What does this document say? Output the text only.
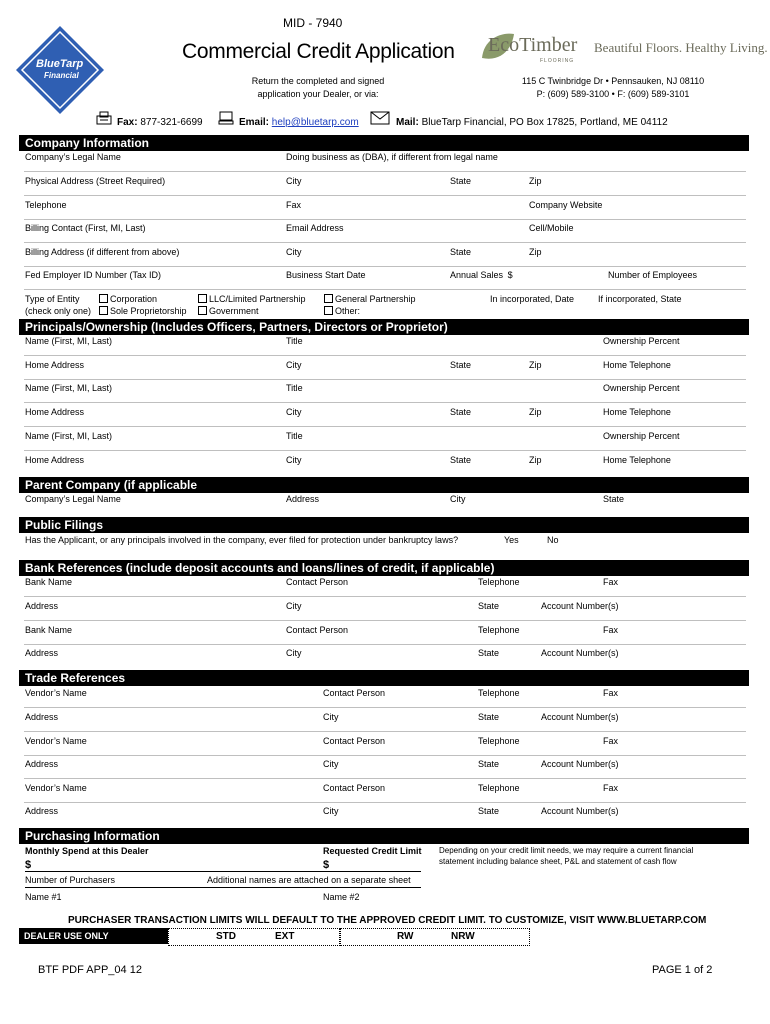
BlueTarp
Financial
MID - 7940
Commercial Credit Application
Return the completed and signed
application your Dealer, or via:
EcoTimber
FLOORING
Beautiful Floors. Healthy Living.
115 C Twinbridge Dr • Pennsauken, NJ 08110
P: (609) 589-3100 • F: (609) 589-3101
Fax: 877-321-6699	Email: help@bluetarp.com	Mail: BlueTarp Financial, PO Box 17825, Portland, ME 04112
Company Information
Company’s Legal Name	Doing business as (DBA), if different from legal name
Physical Address (Street Required)	City	State	Zip
Telephone	Fax	Company Website
Billing Contact (First, MI, Last)	Email Address	Cell/Mobile
Billing Address (if different from above)	City	State	Zip
Fed Employer ID Number (Tax ID)	Business Start Date	Annual Sales $	Number of Employees
Type of Entity
(check only one)
Corporation
Sole Proprietorship
LLC/Limited Partnership
Government
General Partnership
Other:
In incorporated, Date	If incorporated, State
Principals/Ownership (Includes Officers, Partners, Directors or Proprietor)
Name (First, MI, Last)	Title	Ownership Percent
Home Address	City	State	Zip	Home Telephone
Name (First, MI, Last)	Title	Ownership Percent
Home Address	City	State	Zip	Home Telephone
Name (First, MI, Last)	Title	Ownership Percent
Home Address	City	State	Zip	Home Telephone
Parent Company (if applicable
Company’s Legal Name	Address	City	State
Public Filings
Has the Applicant, or any principals involved in the company, ever filed for protection under bankruptcy laws?	Yes	No
Bank References (include deposit accounts and loans/lines of credit, if applicable)
Bank Name	Contact Person	Telephone	Fax
Address	City	State	Account Number(s)
Bank Name	Contact Person	Telephone	Fax
Address	City	State	Account Number(s)
Trade References
Vendor’s Name	Contact Person	Telephone	Fax
Address	City	State	Account Number(s)
Vendor’s Name	Contact Person	Telephone	Fax
Address	City	State	Account Number(s)
Vendor’s Name	Contact Person	Telephone	Fax
Address	City	State	Account Number(s)
Purchasing Information
Monthly Spend at this Dealer	Requested Credit Limit
$	$
Depending on your credit limit needs, we may require a current financial
statement including balance sheet, P&L and statement of cash flow
Number of Purchasers	Additional names are attached on a separate sheet
Name #1	Name #2
PURCHASER TRANSACTION LIMITS WILL DEFAULT TO THE APPROVED CREDIT LIMIT. TO CUSTOMIZE, VISIT WWW.BLUETARP.COM
DEALER USE ONLY	STD	EXT	RW	NRW
BTF PDF APP_04 12	PAGE 1 of 2
